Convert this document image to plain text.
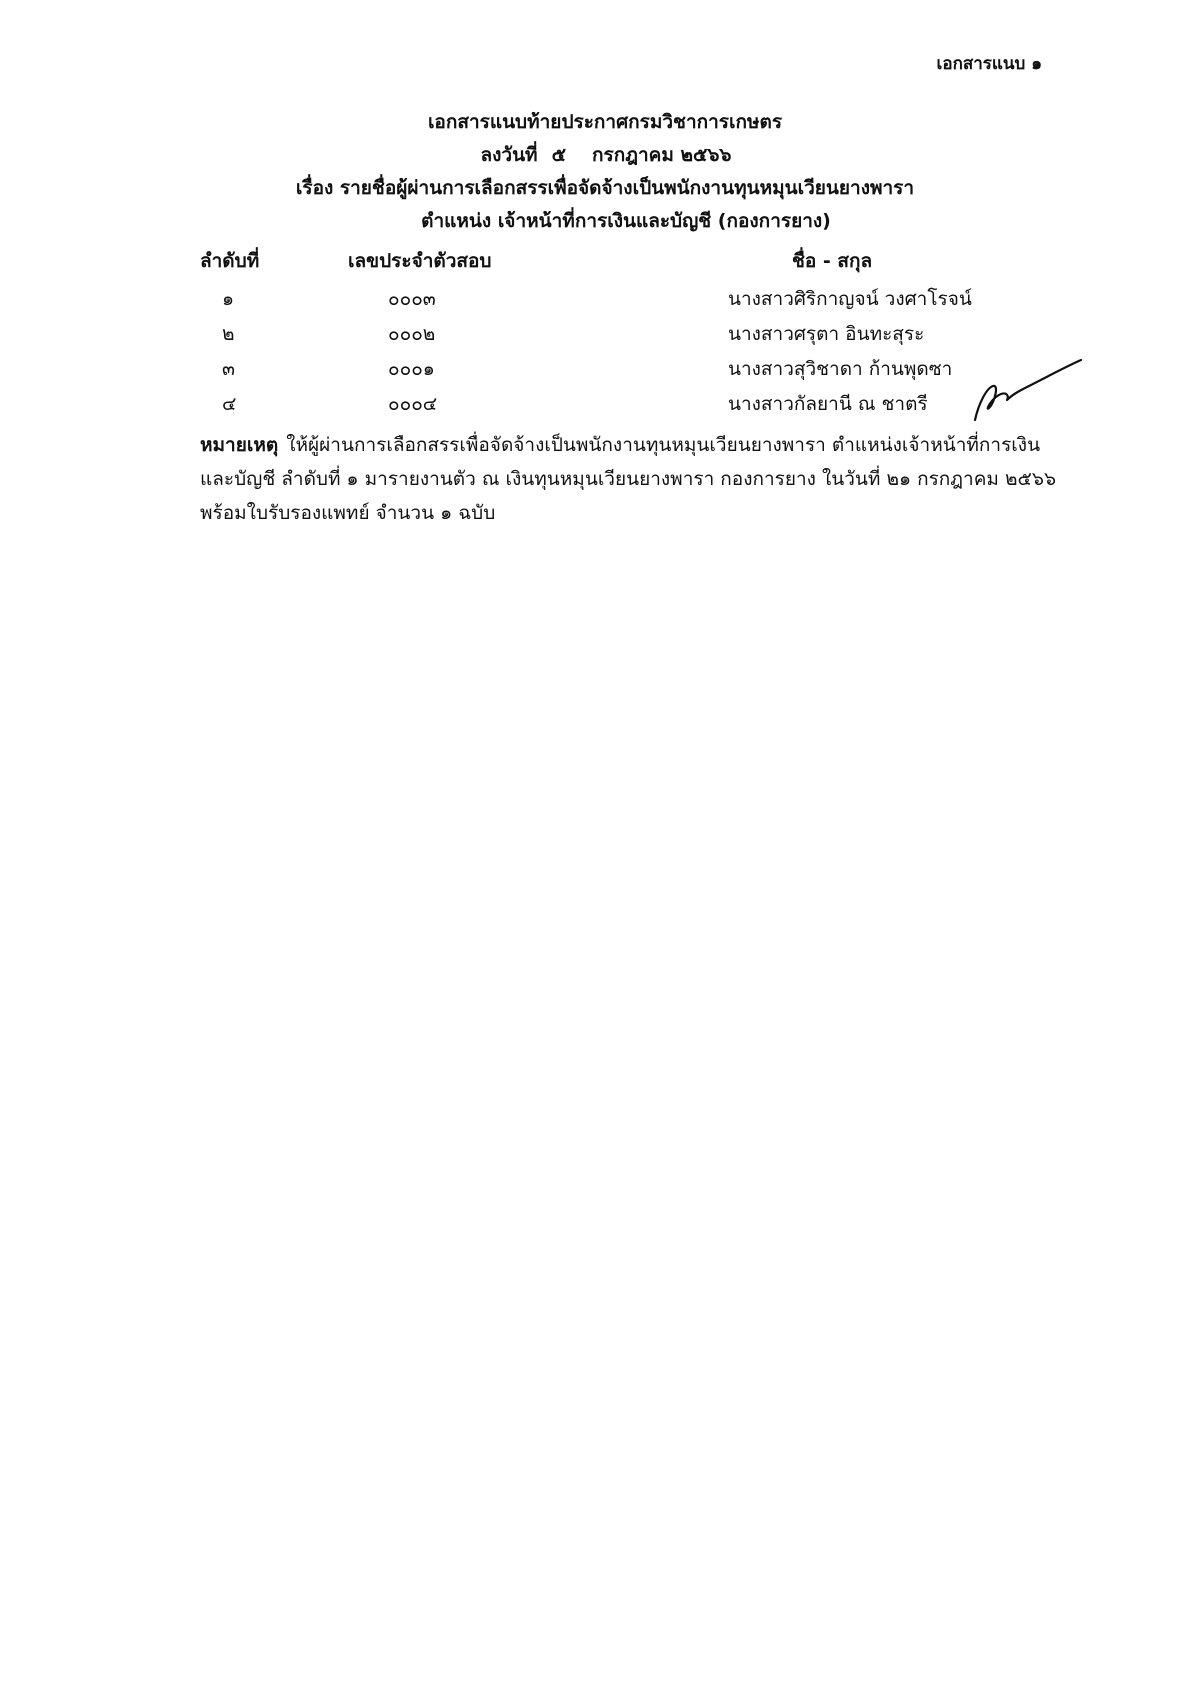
เอกสารแนบ ๑
เอกสารแนบท้ายประกาศกรมวิชาการเกษตร
ลงวันที่ ๕ กรกฎาคม ๒๕๖๖
เรื่อง รายชื่อผู้ผ่านการเลือกสรรเพื่อจัดจ้างเป็นพนักงานทุนหมุนเวียนยางพารา
ตำแหน่ง เจ้าหน้าที่การเงินและบัญชี (กองการยาง)
ลำดับที่	เลขประจำตัวสอบ	ชื่อ - สกุล
๑	๐๐๐๓	นางสาวศิริกาญจน์ วงศาโรจน์
๒	๐๐๐๒	นางสาวศรุตา อินทะสุระ
๓	๐๐๐๑	นางสาวสุวิชาดา ก้านพุดซา
๔	๐๐๐๔	นางสาวกัลยานี ณ ชาตรี
หมายเหตุ ให้ผู้ผ่านการเลือกสรรเพื่อจัดจ้างเป็นพนักงานทุนหมุนเวียนยางพารา ตำแหน่งเจ้าหน้าที่การเงินและบัญชี ลำดับที่ ๑ มารายงานตัว ณ เงินทุนหมุนเวียนยางพารา กองการยาง ในวันที่ ๒๑ กรกฎาคม ๒๕๖๖ พร้อมใบรับรองแพทย์ จำนวน ๑ ฉบับ
